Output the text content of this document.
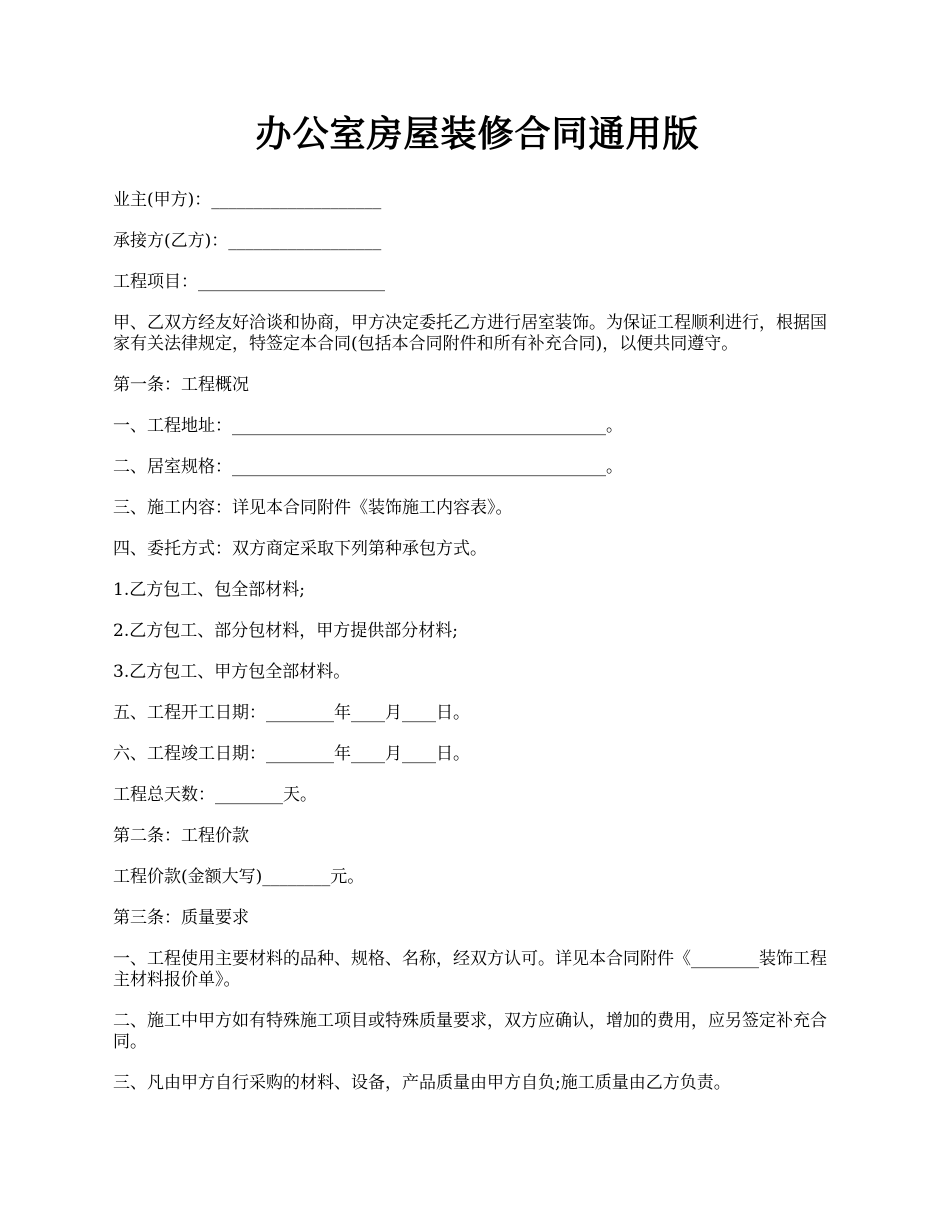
办公室房屋装修合同通用版

业主(甲方)：____________________

承接方(乙方)：__________________

工程项目：______________________

甲、乙双方经友好洽谈和协商，甲方决定委托乙方进行居室装饰。为保证工程顺利进行，根据国家有关法律规定，特签定本合同(包括本合同附件和所有补充合同)，以便共同遵守。

第一条：工程概况

一、工程地址：____________________________________________。

二、居室规格：____________________________________________。

三、施工内容：详见本合同附件《装饰施工内容表》。

四、委托方式：双方商定采取下列第种承包方式。

1.乙方包工、包全部材料;

2.乙方包工、部分包材料，甲方提供部分材料;

3.乙方包工、甲方包全部材料。

五、工程开工日期：________年____月____日。

六、工程竣工日期：________年____月____日。

工程总天数：________天。

第二条：工程价款

工程价款(金额大写)________元。

第三条：质量要求

一、工程使用主要材料的品种、规格、名称，经双方认可。详见本合同附件《________装饰工程主材料报价单》。

二、施工中甲方如有特殊施工项目或特殊质量要求，双方应确认，增加的费用，应另签定补充合同。

三、凡由甲方自行采购的材料、设备，产品质量由甲方自负;施工质量由乙方负责。
